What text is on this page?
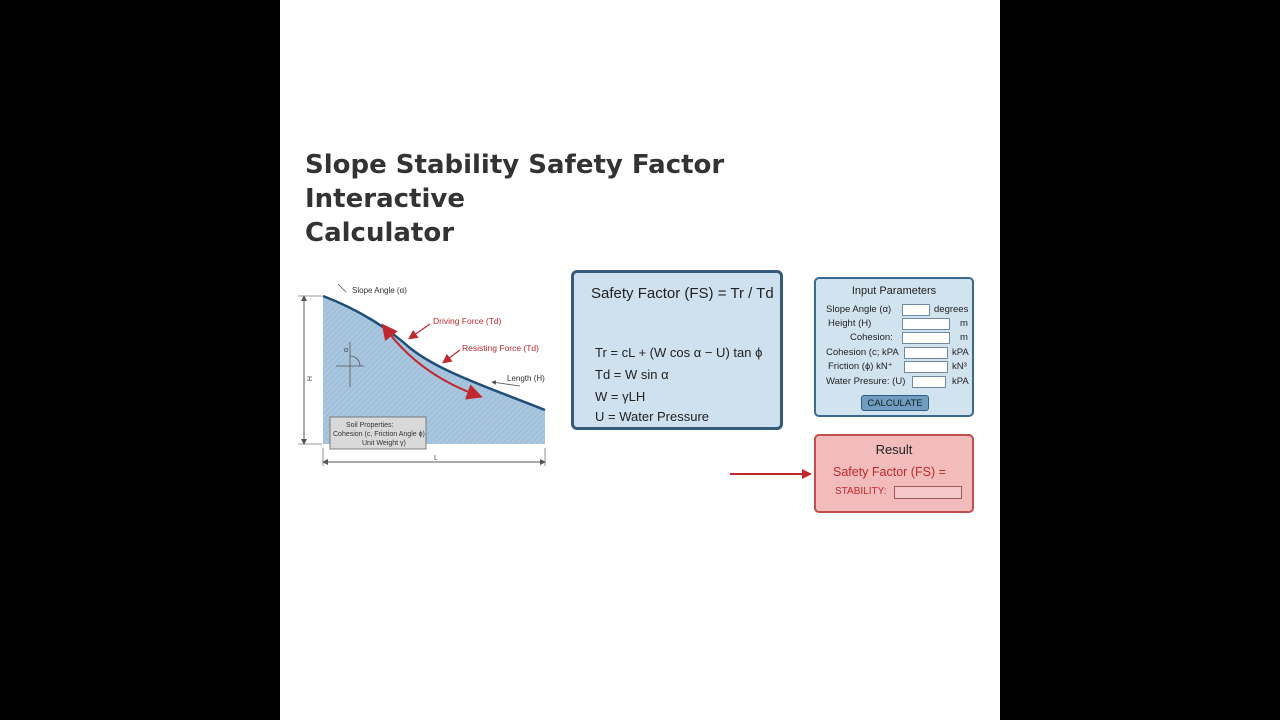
Slope Stability Safety Factor Interactive
Calculator
H
L
Slope Angle (α)
Length (H)
α
Driving Force (Td)
Resisting Force (Td)
Soil Properties:
Cohesion (c, Friction Angle ϕ)
Unit Weight γ)
Safety Factor (FS) = Tr / Td
Tr = cL + (W cos α − U) tan ϕ
Td = W sin α
W = γLH
U = Water Pressure
Input Parameters
Slope Angle (α)	degrees
Height (H)	m
Cohesion:	m
Cohesion (c; kPA	kPA
Friction (ϕ) kN⁺	kN³
Water Presure: (U)	kPA
CALCULATE
Result
Safety Factor (FS) =
STABILITY:
